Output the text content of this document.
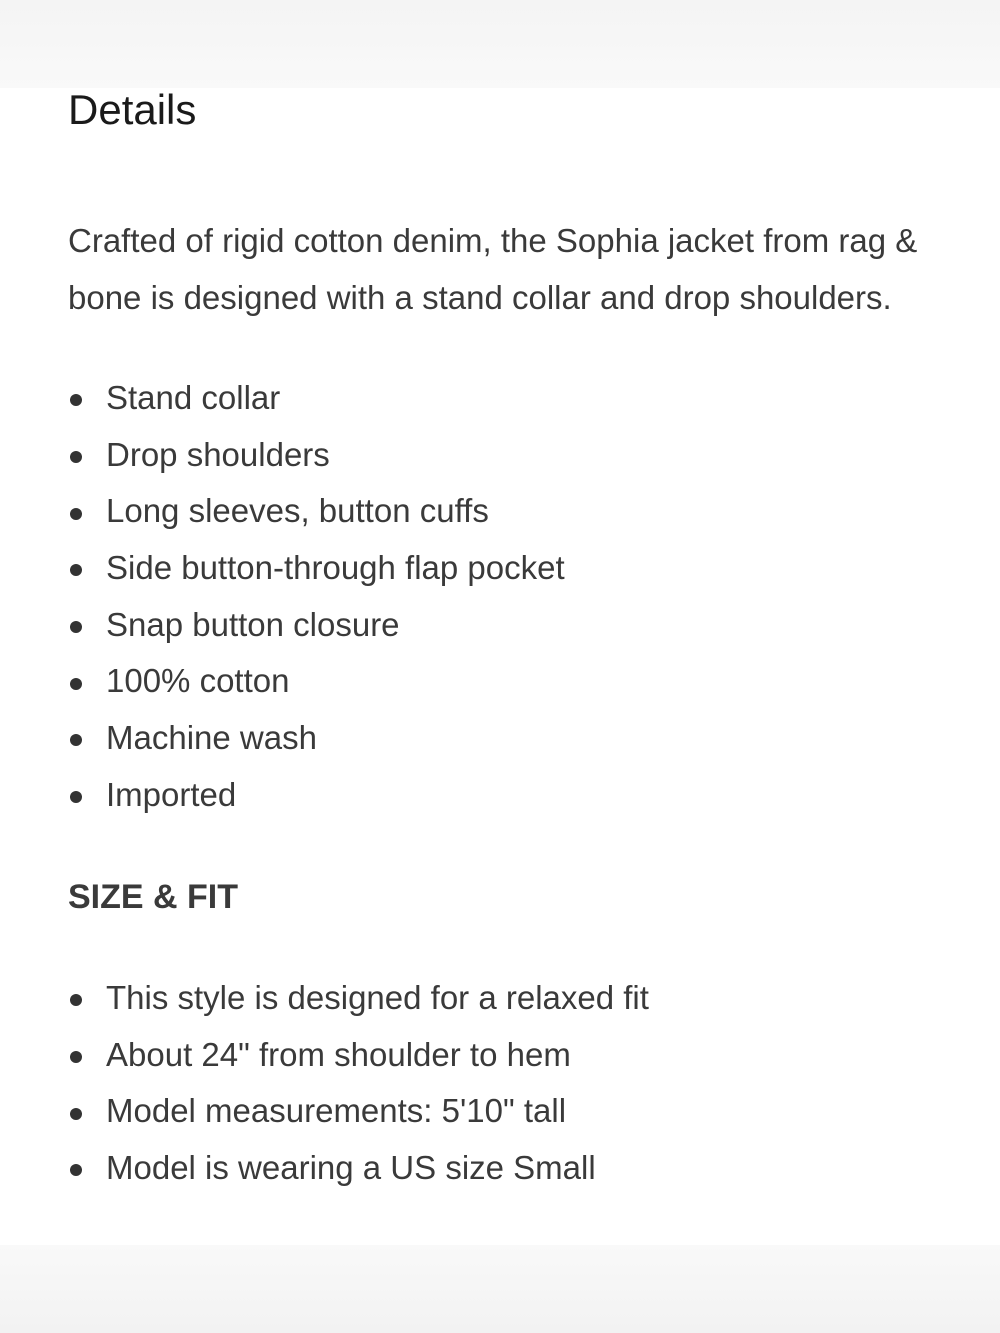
Details

Crafted of rigid cotton denim, the Sophia jacket from rag &
bone is designed with a stand collar and drop shoulders.

Stand collar
Drop shoulders
Long sleeves, button cuffs
Side button-through flap pocket
Snap button closure
100% cotton
Machine wash
Imported
SIZE & FIT
This style is designed for a relaxed fit
About 24" from shoulder to hem
Model measurements: 5'10" tall
Model is wearing a US size Small
